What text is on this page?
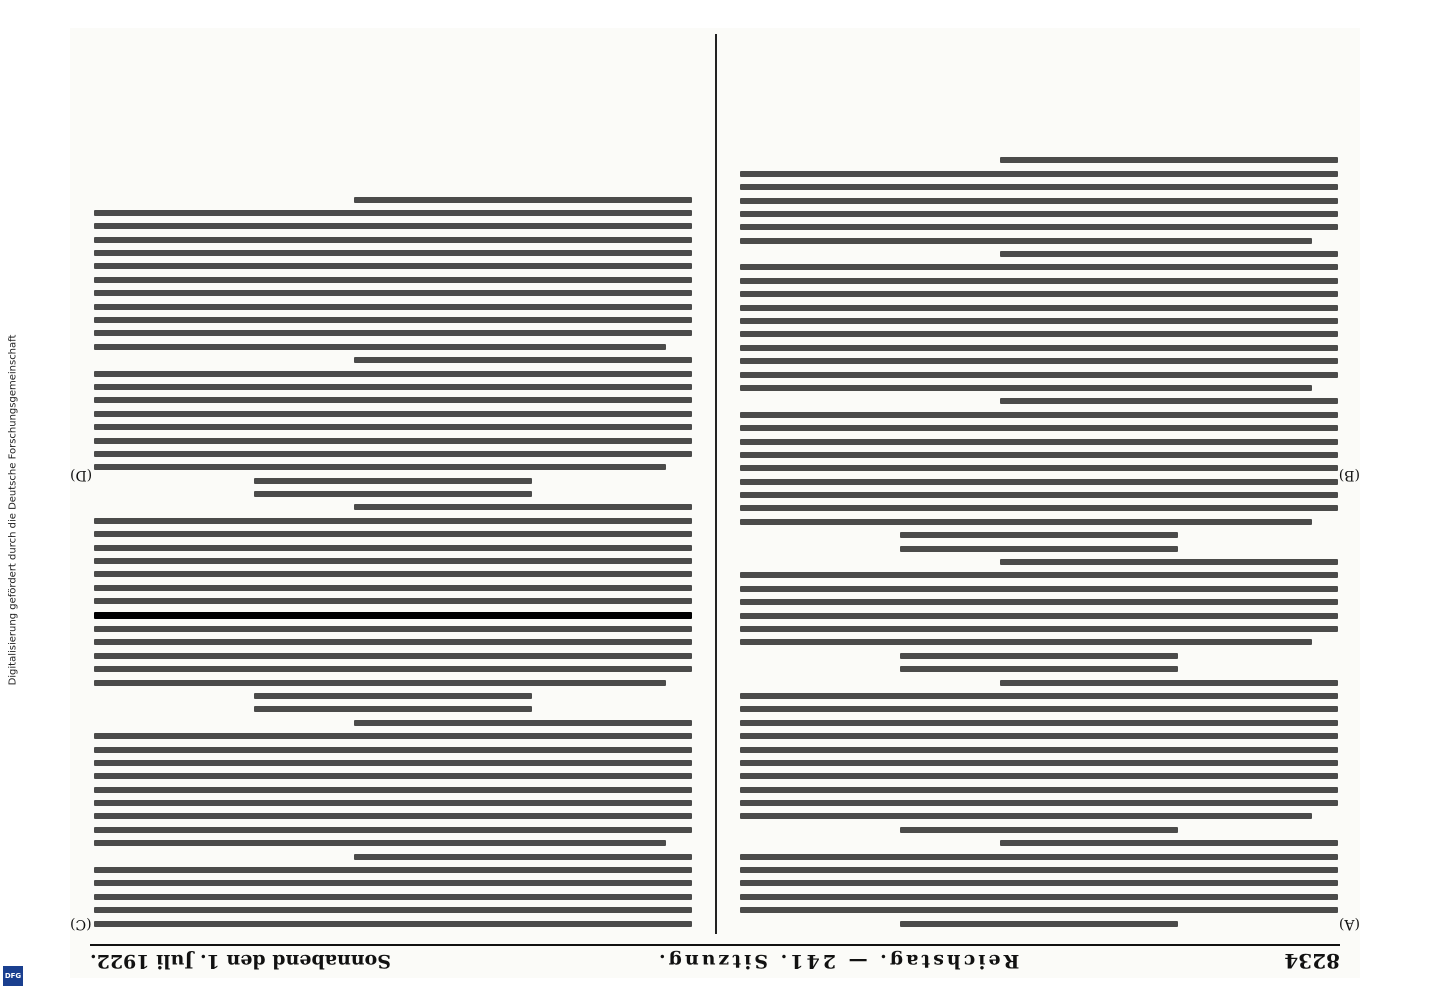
Digitalisierung gefördert durch die Deutsche Forschungsgemeinschaft
DFG
8234
Reichstag. — 241. Sitzung.
Sonnabend den 1. Juli 1922.
(A)
(B)
(C)
(D)
